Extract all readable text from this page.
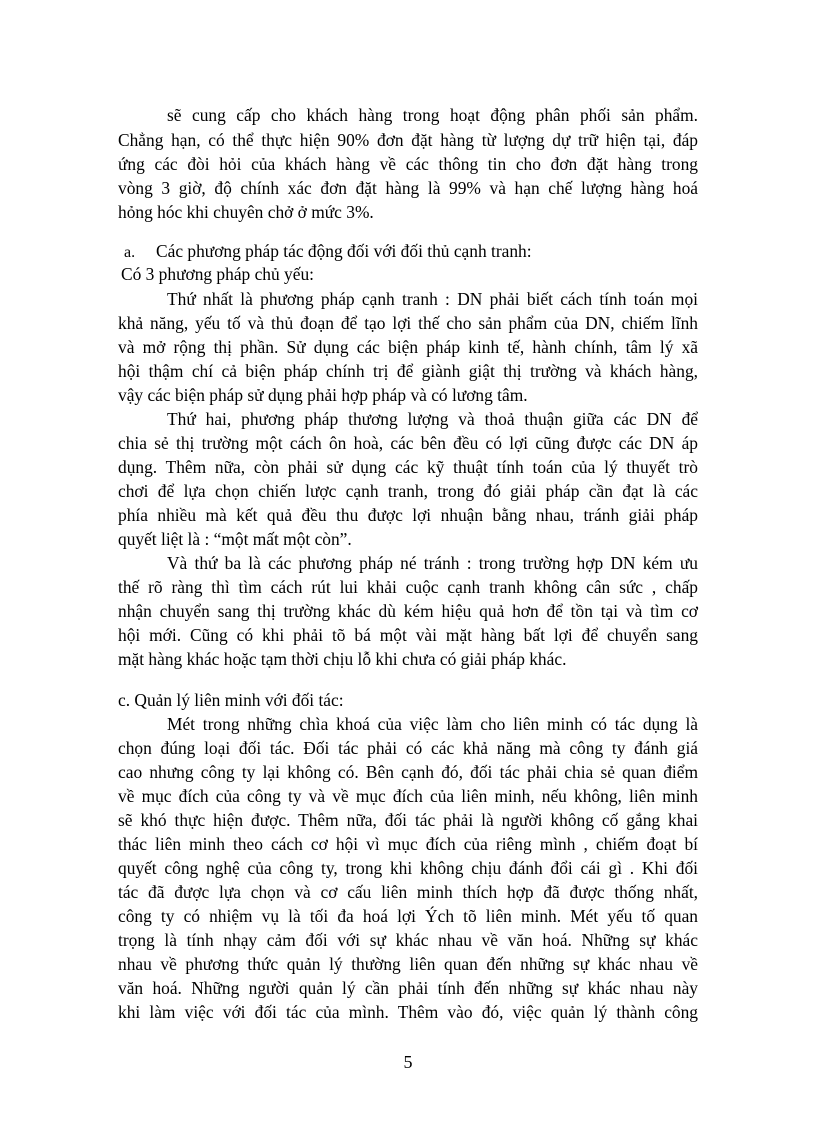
sẽ cung cấp cho khách hàng trong hoạt động phân phối sản phẩm.
Chẳng hạn, có thể thực hiện 90% đơn đặt hàng từ lượng dự trữ hiện tại, đáp
ứng các đòi hỏi của khách hàng về các thông tin cho đơn đặt hàng trong
vòng 3 giờ, độ chính xác đơn đặt hàng là 99% và hạn chế lượng hàng hoá
hỏng hóc khi chuyên chở ở mức 3%.
a.	Các phương pháp tác động đối với đối thủ cạnh tranh:
Có 3 phương pháp chủ yếu:
Thứ nhất là phương pháp cạnh tranh : DN phải biết cách tính toán mọi
khả năng, yếu tố và thủ đoạn để tạo lợi thế cho sản phẩm của DN, chiếm lĩnh
và mở rộng thị phần. Sử dụng các biện pháp kinh tế, hành chính, tâm lý xã
hội thậm chí cả biện pháp chính trị để giành giật thị trường và khách hàng,
vậy các biện pháp sử dụng phải hợp pháp và có lương tâm.
Thứ hai, phương pháp thương lượng và thoả thuận giữa các DN để
chia sẻ thị trường một cách ôn hoà, các bên đều có lợi cũng được các DN áp
dụng. Thêm nữa, còn phải sử dụng các kỹ thuật tính toán của lý thuyết trò
chơi để lựa chọn chiến lược cạnh tranh, trong đó giải pháp cần đạt là các
phía nhiều mà kết quả đều thu được lợi nhuận bằng nhau, tránh giải pháp
quyết liệt là : “một mất một còn”.
Và thứ ba là các phương pháp né tránh : trong trường hợp DN kém ưu
thế rõ ràng thì tìm cách rút lui khải cuộc cạnh tranh không cân sức , chấp
nhận chuyển sang thị trường khác dù kém hiệu quả hơn để tồn tại và tìm cơ
hội mới. Cũng có khi phải tõ bá một vài mặt hàng bất lợi để chuyển sang
mặt hàng khác hoặc tạm thời chịu lỗ khi chưa có giải pháp khác.
c. Quản lý liên minh với đối tác:
Mét trong những chìa khoá của việc làm cho liên minh có tác dụng là
chọn đúng loại đối tác. Đối tác phải có các khả năng mà công ty đánh giá
cao nhưng công ty lại không có. Bên cạnh đó, đối tác phải chia sẻ quan điểm
về mục đích của công ty và về mục đích của liên minh, nếu không, liên minh
sẽ khó thực hiện được. Thêm nữa, đối tác phải là người không cố gắng khai
thác liên minh theo cách cơ hội vì mục đích của riêng mình , chiếm đoạt bí
quyết công nghệ của công ty, trong khi không chịu đánh đổi cái gì . Khi đối
tác đã được lựa chọn và cơ cấu liên minh thích hợp đã được thống nhất,
công ty có nhiệm vụ là tối đa hoá lợi Ých tõ liên minh. Mét yếu tố quan
trọng là tính nhạy cảm đối với sự khác nhau về văn hoá. Những sự khác
nhau về phương thức quản lý thường liên quan đến những sự khác nhau về
văn hoá. Những người quản lý cần phải tính đến những sự khác nhau này
khi làm việc với đối tác của mình. Thêm vào đó, việc quản lý thành công
5
